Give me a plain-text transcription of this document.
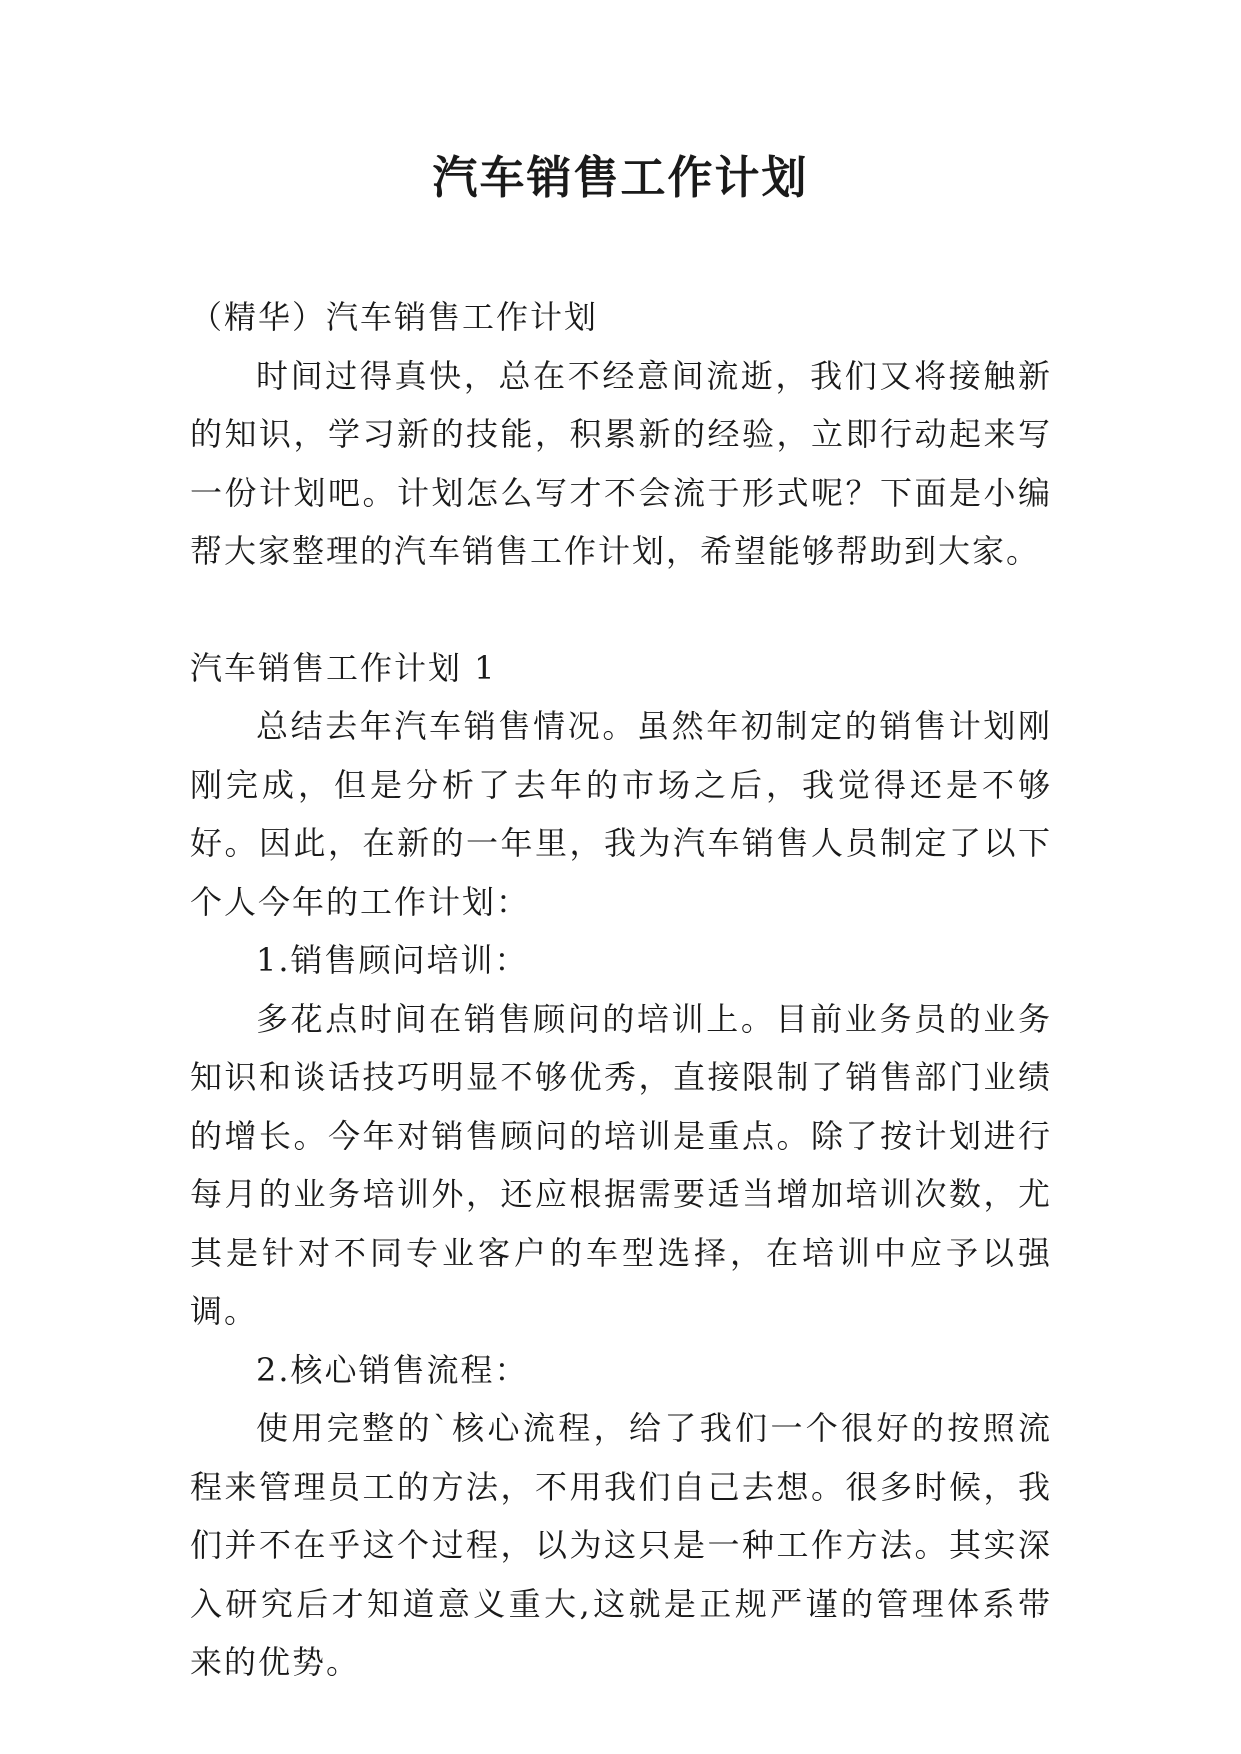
汽车销售工作计划

（精华）汽车销售工作计划

时间过得真快，总在不经意间流逝，我们又将接触新的知识，学习新的技能，积累新的经验，立即行动起来写一份计划吧。计划怎么写才不会流于形式呢？下面是小编帮大家整理的汽车销售工作计划，希望能够帮助到大家。

汽车销售工作计划 1

总结去年汽车销售情况。虽然年初制定的销售计划刚刚完成，但是分析了去年的市场之后，我觉得还是不够好。因此，在新的一年里，我为汽车销售人员制定了以下个人今年的工作计划：

1.销售顾问培训：

多花点时间在销售顾问的培训上。目前业务员的业务知识和谈话技巧明显不够优秀，直接限制了销售部门业绩的增长。今年对销售顾问的培训是重点。除了按计划进行每月的业务培训外，还应根据需要适当增加培训次数，尤其是针对不同专业客户的车型选择，在培训中应予以强调。

2.核心销售流程：

使用完整的`核心流程，给了我们一个很好的按照流程来管理员工的方法，不用我们自己去想。很多时候，我们并不在乎这个过程，以为这只是一种工作方法。其实深入研究后才知道意义重大,这就是正规严谨的管理体系带来的优势。
